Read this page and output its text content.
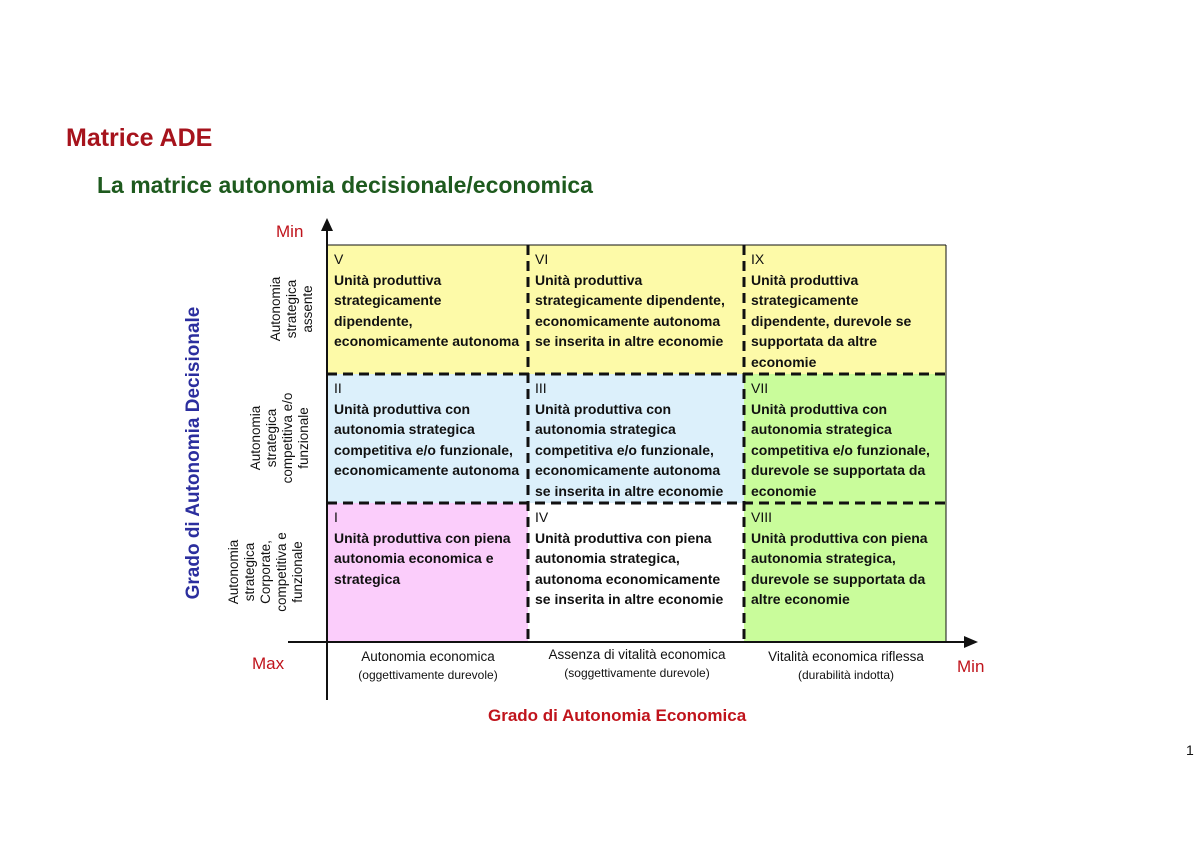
Matrice ADE
La matrice autonomia decisionale/economica
V
Unità produttiva strategicamente dipendente, economicamente autonoma
VI
Unità produttiva strategicamente dipendente, economicamente autonoma se inserita in altre economie
IX
Unità produttiva strategicamente dipendente, durevole se supportata da altre economie
II
Unità produttiva con autonomia strategica competitiva e/o funzionale, economicamente autonoma
III
Unità produttiva con autonomia strategica competitiva e/o funzionale, economicamente autonoma se inserita in altre economie
VII
Unità produttiva con autonomia strategica competitiva e/o funzionale, durevole se supportata da economie
I
Unità produttiva con piena autonomia economica e strategica
IV
Unità produttiva con piena autonomia strategica, autonoma economicamente se inserita in altre economie
VIII
Unità produttiva con piena autonomia strategica, durevole se supportata da altre economie
Min
Max	Min
Autonomia strategica assente
Autonomia strategica competitiva e/o funzionale
Autonomia strategica Corporate, competitiva e funzionale
Grado di Autonomia Decisionale
Autonomia economica
(oggettivamente durevole)
Assenza di vitalità economica
(soggettivamente durevole)
Vitalità economica riflessa
(durabilità indotta)
Grado di Autonomia Economica
1
